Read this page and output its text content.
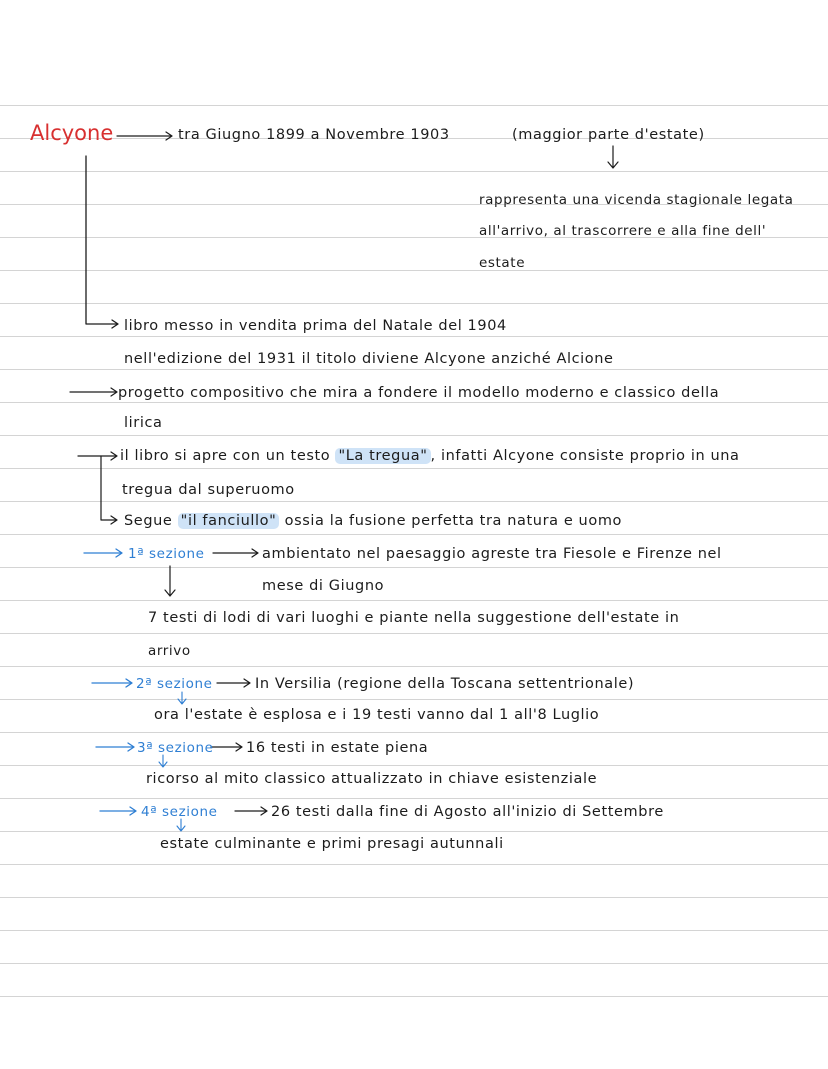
Alcyone	tra Giugno 1899 a Novembre 1903	(maggior parte d'estate)
rappresenta una vicenda stagionale legata
all'arrivo, al trascorrere e alla fine dell'
estate
libro messo in vendita prima del Natale del 1904
nell'edizione del 1931 il titolo diviene Alcyone anziché Alcione
progetto compositivo che mira a fondere il modello moderno e classico della
lirica
il libro si apre con un testo "La tregua" , infatti Alcyone consiste proprio in una
tregua dal superuomo
Segue "il fanciullo" ossia la fusione perfetta tra natura e uomo
1ª sezione	ambientato nel paesaggio agreste tra Fiesole e Firenze nel
mese di Giugno
7 testi di lodi di vari luoghi e piante nella suggestione dell'estate in
arrivo
2ª sezione	In Versilia (regione della Toscana settentrionale)
ora l'estate è esplosa e i 19 testi vanno dal 1 all'8 Luglio
3ª sezione 16 testi in estate piena
ricorso al mito classico attualizzato in chiave esistenziale
4ª sezione	26 testi dalla fine di Agosto all'inizio di Settembre
estate culminante e primi presagi autunnali
